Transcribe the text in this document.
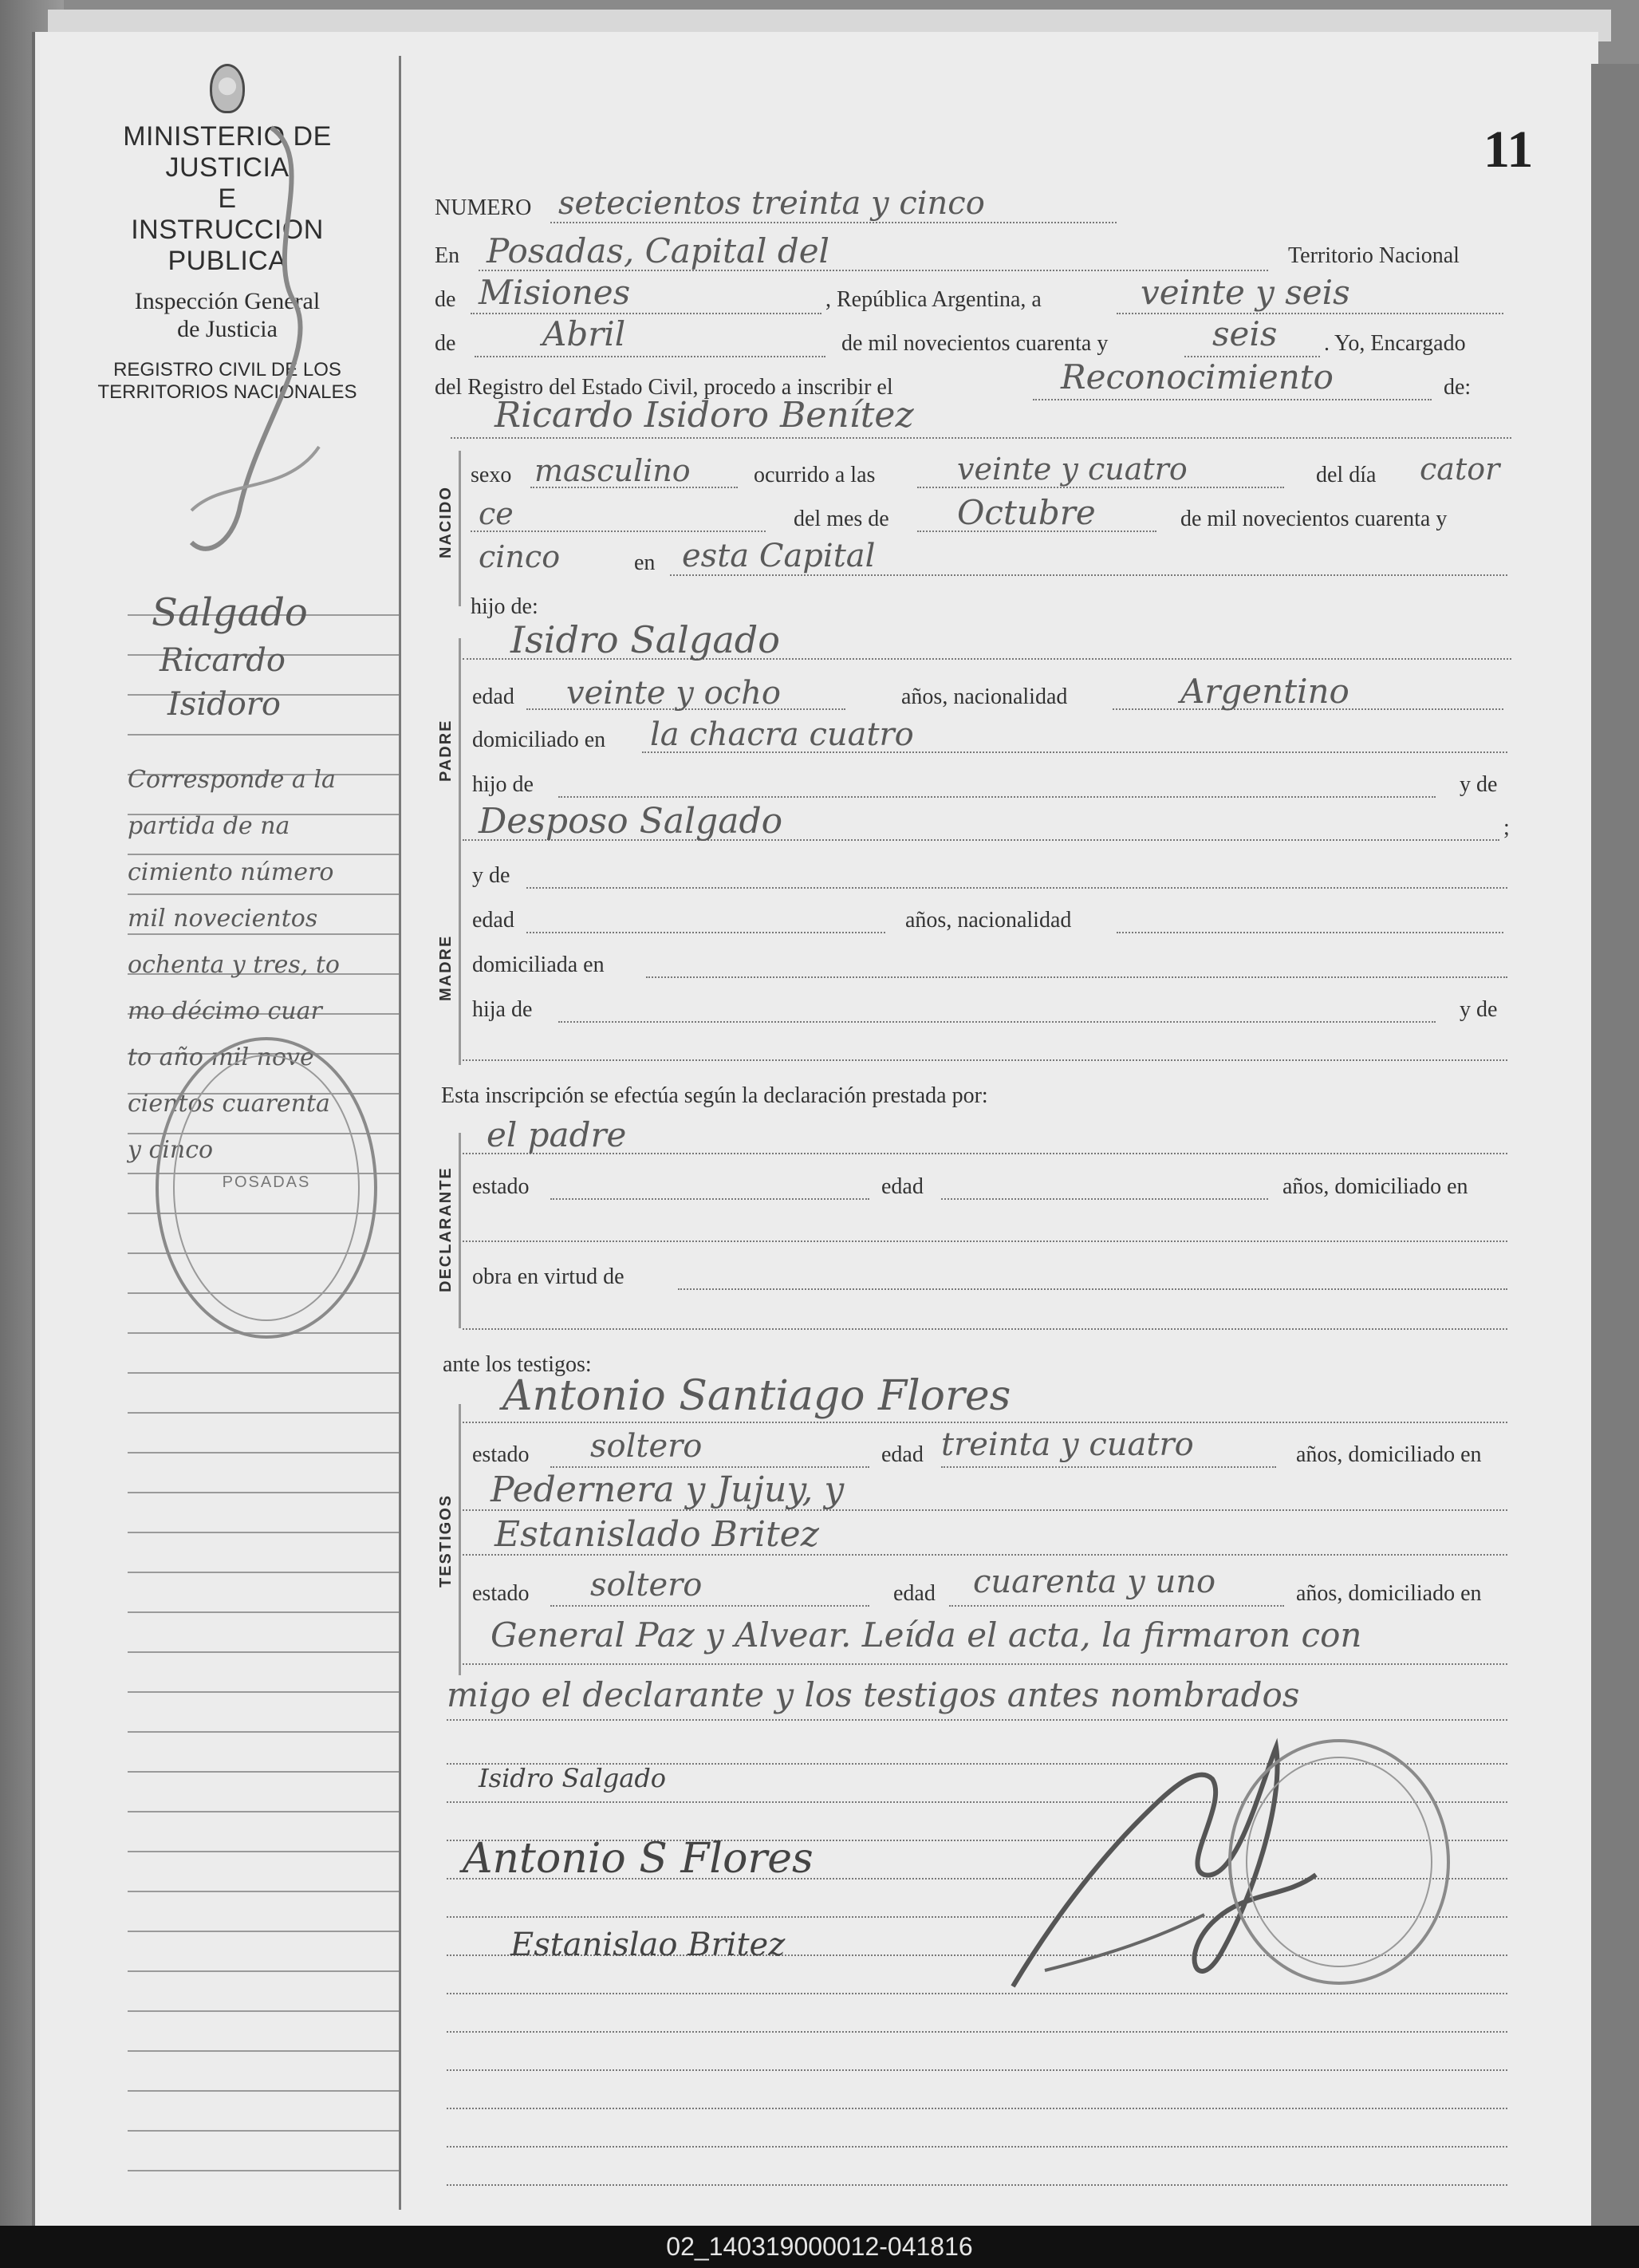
MINISTERIO DE JUSTICIA
E
INSTRUCCION PUBLICA
Inspección General
de Justicia
REGISTRO CIVIL DE LOS
TERRITORIOS NACIONALES
Salgado
Ricardo
Isidoro
Corresponde a la
partida de na
cimiento número
mil novecientos
ochenta y tres, to
mo décimo cuar
to año mil nove
cientos cuarenta
y cinco
POSADAS
11
NUMERO setecientos treinta y cinco
En Posadas, Capital del	Territorio Nacional
de Misiones	, República Argentina, a	veinte y seis
de	Abril	de mil novecientos cuarenta y	seis . Yo, Encargado
del Registro del Estado Civil, procedo a inscribir el	Reconocimiento	de:
Ricardo Isidoro Benítez
NACIDO
sexo masculino	ocurrido a las	veinte y cuatro	del día cator
ce	del mes de Octubre	de mil novecientos cuarenta y
cinco	en esta Capital
hijo de:
Isidro Salgado
PADRE
edad veinte y ocho	años, nacionalidad	Argentino
domiciliado en la chacra cuatro
hijo de	y de
Desposo Salgado	;
MADRE
y de
edad	años, nacionalidad
domiciliada en
hija de	y de
Esta inscripción se efectúa según la declaración prestada por:
el padre
DECLARANTE estado	edad	años, domiciliado en
obra en virtud de
ante los testigos:
Antonio Santiago Flores
TESTIGOS
estado soltero	edad treinta y cuatro	años, domiciliado en
Pedernera y Jujuy, y
Estanislado Britez
estado soltero	edad cuarenta y uno	años, domiciliado en
General Paz y Alvear. Leída el acta, la firmaron con
migo el declarante y los testigos antes nombrados
Isidro Salgado
Antonio S Flores
Estanislao Britez
02_140319000012-041816
